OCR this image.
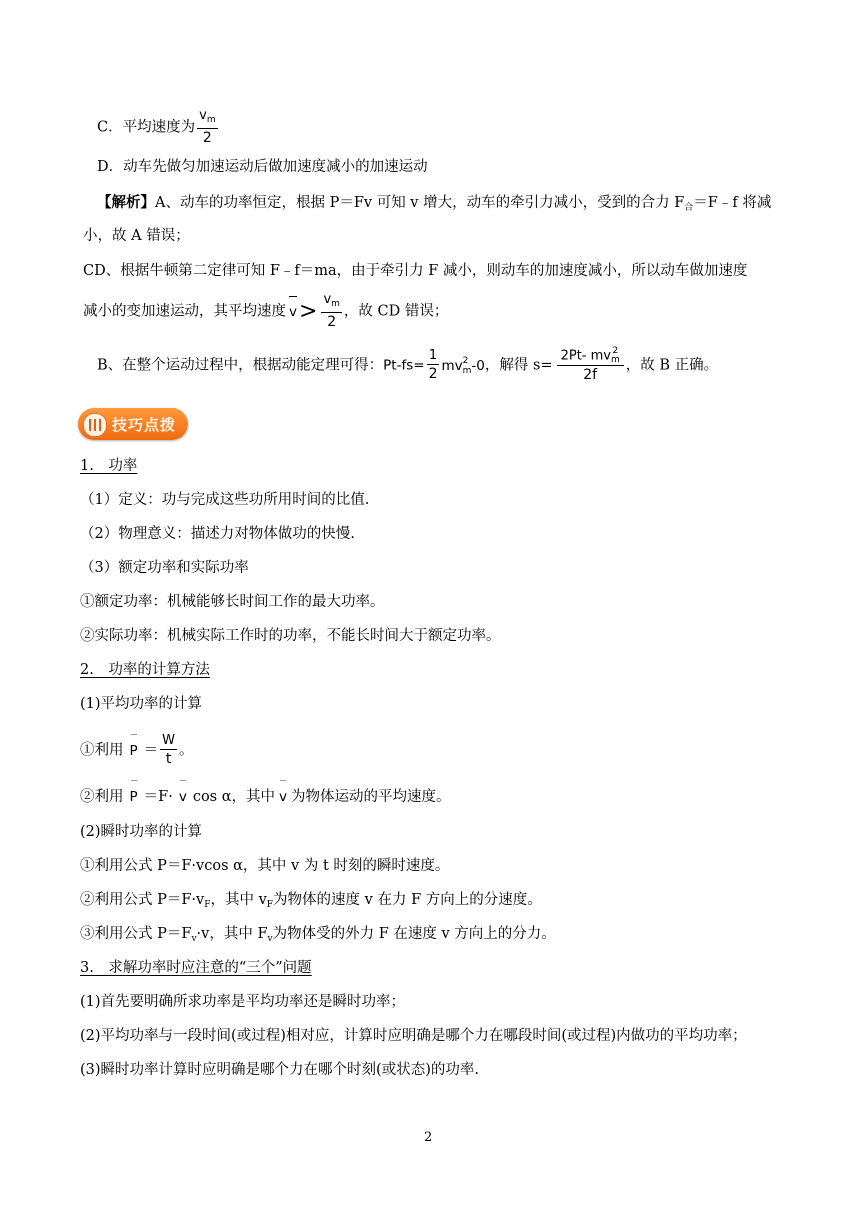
C．平均速度为 $\frac{v_m}{2}$
D．动车先做匀加速运动后做加速度减小的加速运动
【解析】A、动车的功率恒定，根据 P＝Fv 可知 v 增大，动车的牵引力减小，受到的合力 $F_合=F﹣f$ 将减
小，故 A 错误；
CD、根据牛顿第二定律可知 F﹣f＝ma，由于牵引力 F 减小，则动车的加速度减小，所以动车做加速度
减小的变加速运动，其平均速度 $v> \frac{v_m}{2}$ ，故 CD 错误；
B、在整个运动过程中，根据动能定理可得：$Pt-fs= \frac{1}{2}$ mv 2
m -0，解得 s= 2Pt- mv 2
m
2f ，故 B 正确。
技巧点拨
1.　功率
（1）定义：功与完成这些功所用时间的比值.
（2）物理意义：描述力对物体做功的快慢.
（3）额定功率和实际功率
①额定功率：机械能够长时间工作的最大功率。
②实际功率：机械实际工作时的功率，不能长时间大于额定功率。
2.　功率的计算方法
(1)平均功率的计算
①利用 $P = \frac{W}{t}$ 。
②利用 P ＝F· v cos α，其中 v 为物体运动的平均速度。
(2)瞬时功率的计算
①利用公式 P＝F·vcos α，其中 v 为 t 时刻的瞬时速度。
②利用公式 $P=F\cdot v_F$，其中 $v_F$为物体的速度 v 在力 F 方向上的分速度。
③利用公式 $P=F_v\cdot v$，其中 $F_v$为物体受的外力 F 在速度 v 方向上的分力。
3.　求解功率时应注意的“三个”问题
(1)首先要明确所求功率是平均功率还是瞬时功率；
(2)平均功率与一段时间(或过程)相对应，计算时应明确是哪个力在哪段时间(或过程)内做功的平均功率；
(3)瞬时功率计算时应明确是哪个力在哪个时刻(或状态)的功率.
2
